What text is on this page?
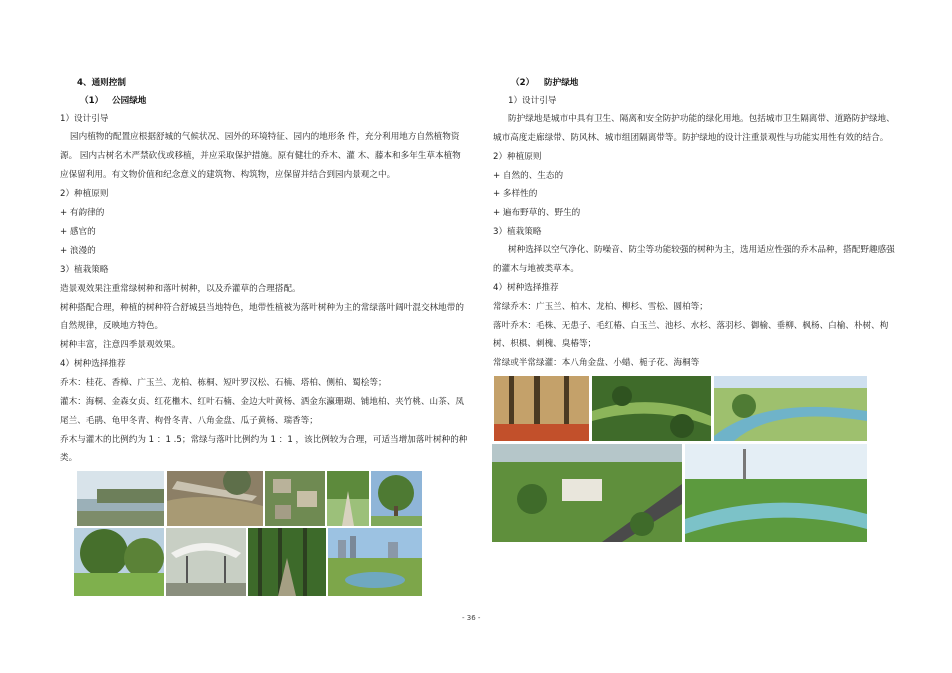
4、通则控制
（1） 公园绿地
1）设计引导
园内植物的配置应根据舒城的气候状况、园外的环境特征、园内的地形条 件，充分利用地方自然植物资
源。 园内古树名木严禁砍伐或移植，并应采取保护措施。原有健壮的乔木、灌 木、藤本和多年生草本植物
应保留利用。有文物价值和纪念意义的建筑物、构筑物，应保留并结合到园内景观之中。
2）种植原则
+ 有韵律的
+ 感官的
+ 浪漫的
3）植栽策略
造景观效果注重常绿树种和落叶树种，以及乔灌草的合理搭配。
树种搭配合理，种植的树种符合舒城县当地特色，地带性植被为落叶树种为主的常绿落叶阔叶混交林地带的
自然规律，反映地方特色。
树种丰富，注意四季景观效果。
4）树种选择推荐
乔木：桂花、香樟、广玉兰、龙柏、栋桐、短叶罗汉松、石楠、塔柏、侧柏、蜀桧等；
灌木：海桐、金森女贞、红花檵木、红叶石楠、金边大叶黄杨、洒金东瀛珊瑚、铺地柏、夹竹桃、山茶、凤
尾兰、毛鹃、龟甲冬青、枸骨冬青、八角金盘、瓜子黄杨、瑞香等；
乔木与灌木的比例约为 1 ：1 .5；常绿与落叶比例约为 1 ：1 ，该比例较为合理，可适当增加落叶树种的种
类。
（2） 防护绿地
1）设计引导
防护绿地是城市中具有卫生、隔离和安全防护功能的绿化用地。包括城市卫生隔离带、道路防护绿地、
城市高度走廊绿带、防风林、城市组团隔离带等。防护绿地的设计注重景观性与功能实用性有效的结合。
2）种植原则
+ 自然的、生态的
+ 多样性的
+ 遍布野草的、野生的
3）植栽策略
树种选择以空气净化、防噪音、防尘等功能较强的树种为主，选用适应性强的乔木品种，搭配野趣感强
的灌木与地被类草本。
4）树种选择推荐
常绿乔木：广玉兰、柏木、龙柏、柳杉、雪松、圆柏等；
落叶乔木：毛株、无患子、毛红椿、白玉兰、池杉、水杉、落羽杉、御榆、垂柳、枫杨、白榆、朴树、枸
树、枳椇、刺槐、臭椿等；
常绿或半常绿灌：本八角金盘、小蜡、栀子花、海桐等
- 36 -
